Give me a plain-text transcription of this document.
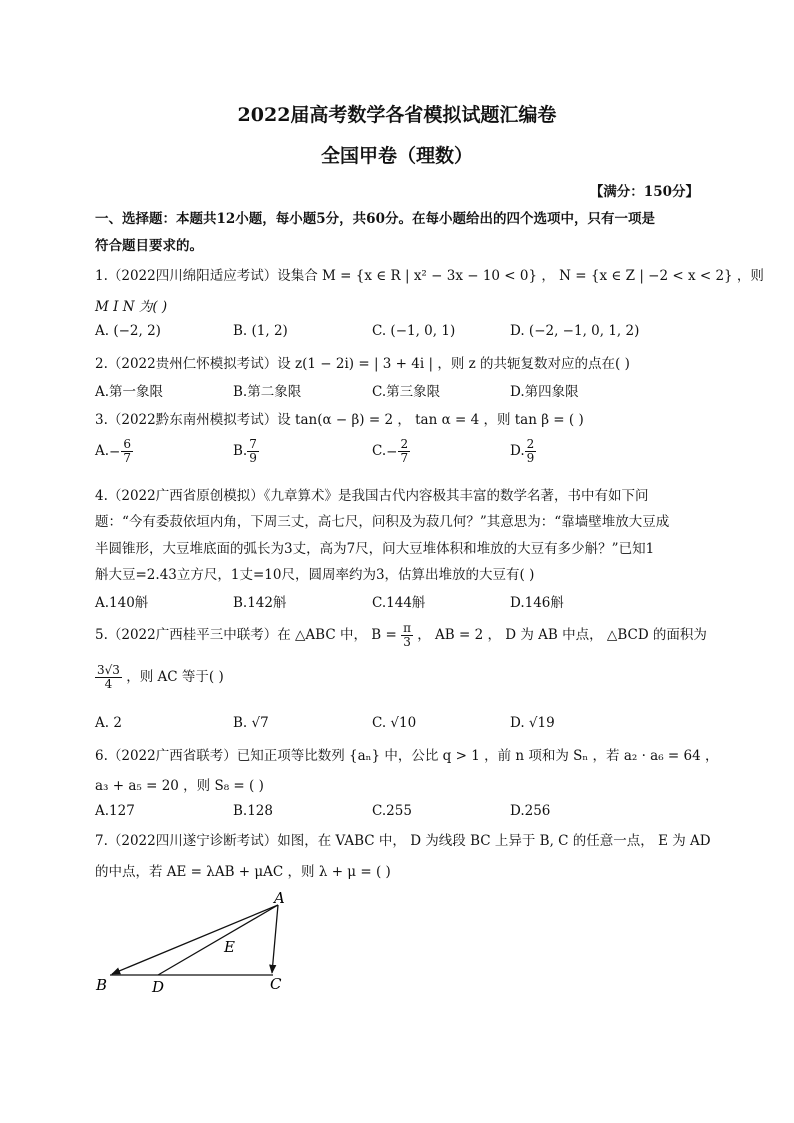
2022届高考数学各省模拟试题汇编卷
全国甲卷（理数）
【满分：150分】
一、选择题：本题共12小题，每小题5分，共60分。在每小题给出的四个选项中，只有一项是
符合题目要求的。
1.（2022四川绵阳适应考试）设集合 M = {x ∈ R | x² − 3x − 10 < 0} ， N = {x ∈ Z | −2 < x < 2} ，则
M I N 为( )
A. (−2, 2)	B. (1, 2)	C. (−1, 0, 1)	D. (−2, −1, 0, 1, 2)
2.（2022贵州仁怀模拟考试）设 z(1 − 2i) = | 3 + 4i | ，则 z 的共轭复数对应的点在( )
A.第一象限	B.第二象限	C.第三象限	D.第四象限
3.（2022黔东南州模拟考试）设 tan(α − β) = 2 ， tan α = 4 ，则 tan β = ( )
$A.- \frac{6}{7}$	B. $\frac{7}{9}$	$C.- \frac{2}{7}$	D. $\frac{2}{9}$
4.（2022广西省原创模拟）《九章算术》是我国古代内容极其丰富的数学名著，书中有如下问
题：“今有委菽依垣内角，下周三丈，高七尺，问积及为菽几何？”其意思为：“靠墙壁堆放大豆成
半圆锥形，大豆堆底面的弧长为3丈，高为7尺，问大豆堆体积和堆放的大豆有多少斛？”已知1
斛大豆=2.43立方尺，1丈=10尺，圆周率约为3，估算出堆放的大豆有( )
A.140斛	B.142斛	C.144斛	D.146斛
5.（2022广西桂平三中联考）在 △ABC 中， $B = \frac{\pi}{3}$ ， AB = 2 ， D 为 AB 中点， △BCD 的面积为
$\frac{3√3}{4}$ ，则 AC 等于( )
A. 2	B. √7	C. √10	D. √19
6.（2022广西省联考）已知正项等比数列 {aₙ} 中，公比 q > 1 ，前 n 项和为 Sₙ ，若 a₂ · a₆ = 64 ，
a₃ + a₅ = 20 ，则 S₈ = ( )
A.127	B.128	C.255	D.256
7.（2022四川遂宁诊断考试）如图，在 VABC 中， D 为线段 BC 上异于 B, C 的任意一点， E 为 AD
的中点，若 AE = λAB + μAC ，则 λ + μ = ( )
A
B	C
D
E
